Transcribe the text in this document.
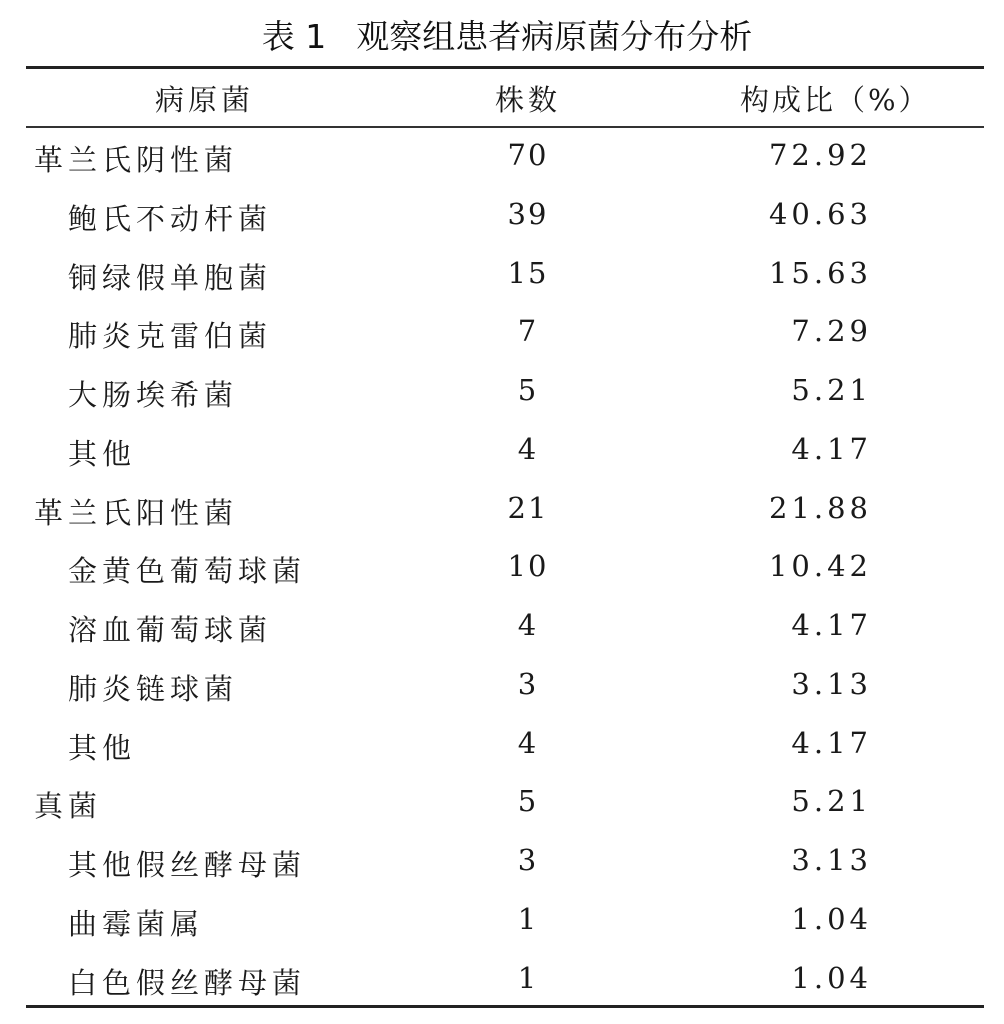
表 1 观察组患者病原菌分布分析
病原菌	株数	构成比（%）
革兰氏阴性菌	70	72.92
鲍氏不动杆菌	39	40.63
铜绿假单胞菌	15	15.63
肺炎克雷伯菌	7	7.29
大肠埃希菌	5	5.21
其他	4	4.17
革兰氏阳性菌	21	21.88
金黄色葡萄球菌	10	10.42
溶血葡萄球菌	4	4.17
肺炎链球菌	3	3.13
其他	4	4.17
真菌	5	5.21
其他假丝酵母菌	3	3.13
曲霉菌属	1	1.04
白色假丝酵母菌	1	1.04
